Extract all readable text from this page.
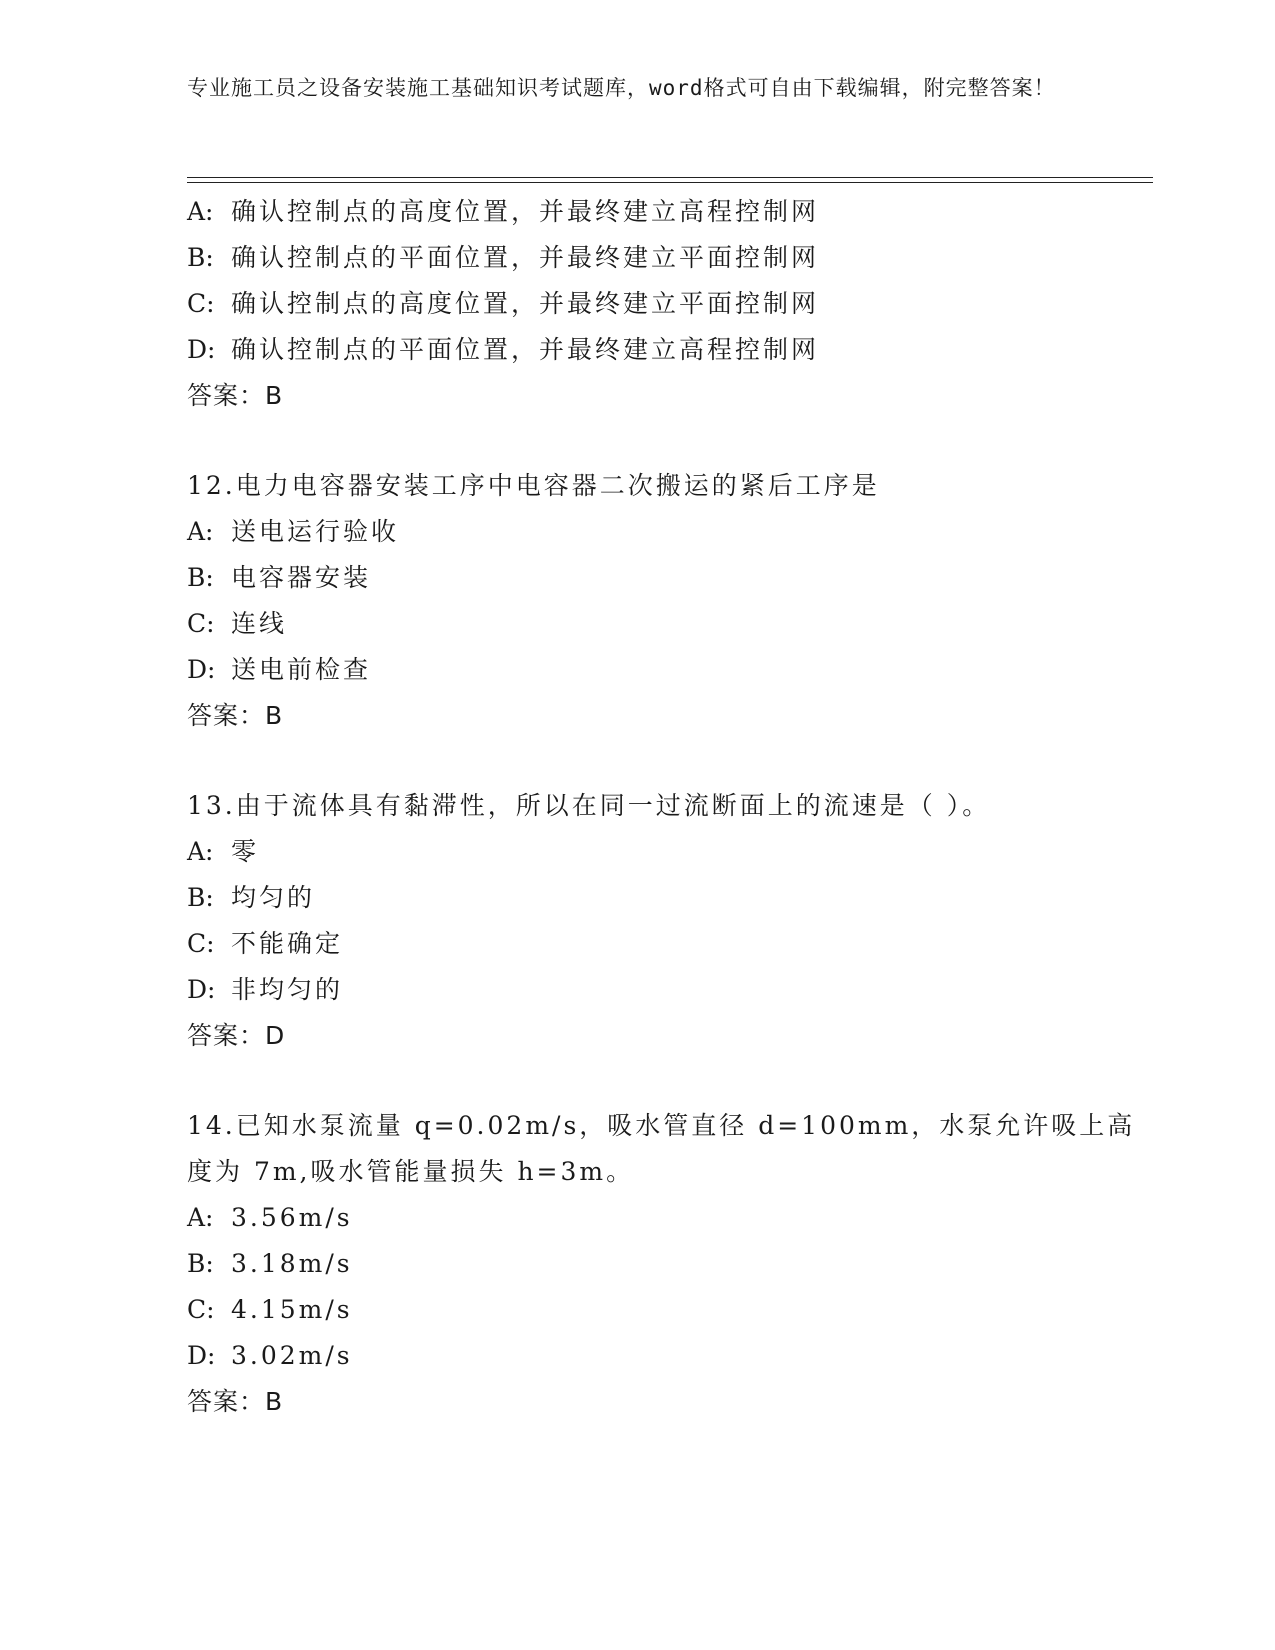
专业施工员之设备安装施工基础知识考试题库，word格式可自由下载编辑，附完整答案！
A: 确认控制点的高度位置，并最终建立高程控制网
B: 确认控制点的平面位置，并最终建立平面控制网
C: 确认控制点的高度位置，并最终建立平面控制网
D: 确认控制点的平面位置，并最终建立高程控制网
答案：B
12.电力电容器安装工序中电容器二次搬运的紧后工序是
A: 送电运行验收
B: 电容器安装
C: 连线
D: 送电前检查
答案：B
13.由于流体具有黏滞性，所以在同一过流断面上的流速是（ ）。
A: 零
B: 均匀的
C: 不能确定
D: 非均匀的
答案：D
14.已知水泵流量 q=0.02m/s，吸水管直径 d=100mm，水泵允许吸上高
度为 7m,吸水管能量损失 h=3m。
A: 3.56m/s
B: 3.18m/s
C: 4.15m/s
D: 3.02m/s
答案：B
